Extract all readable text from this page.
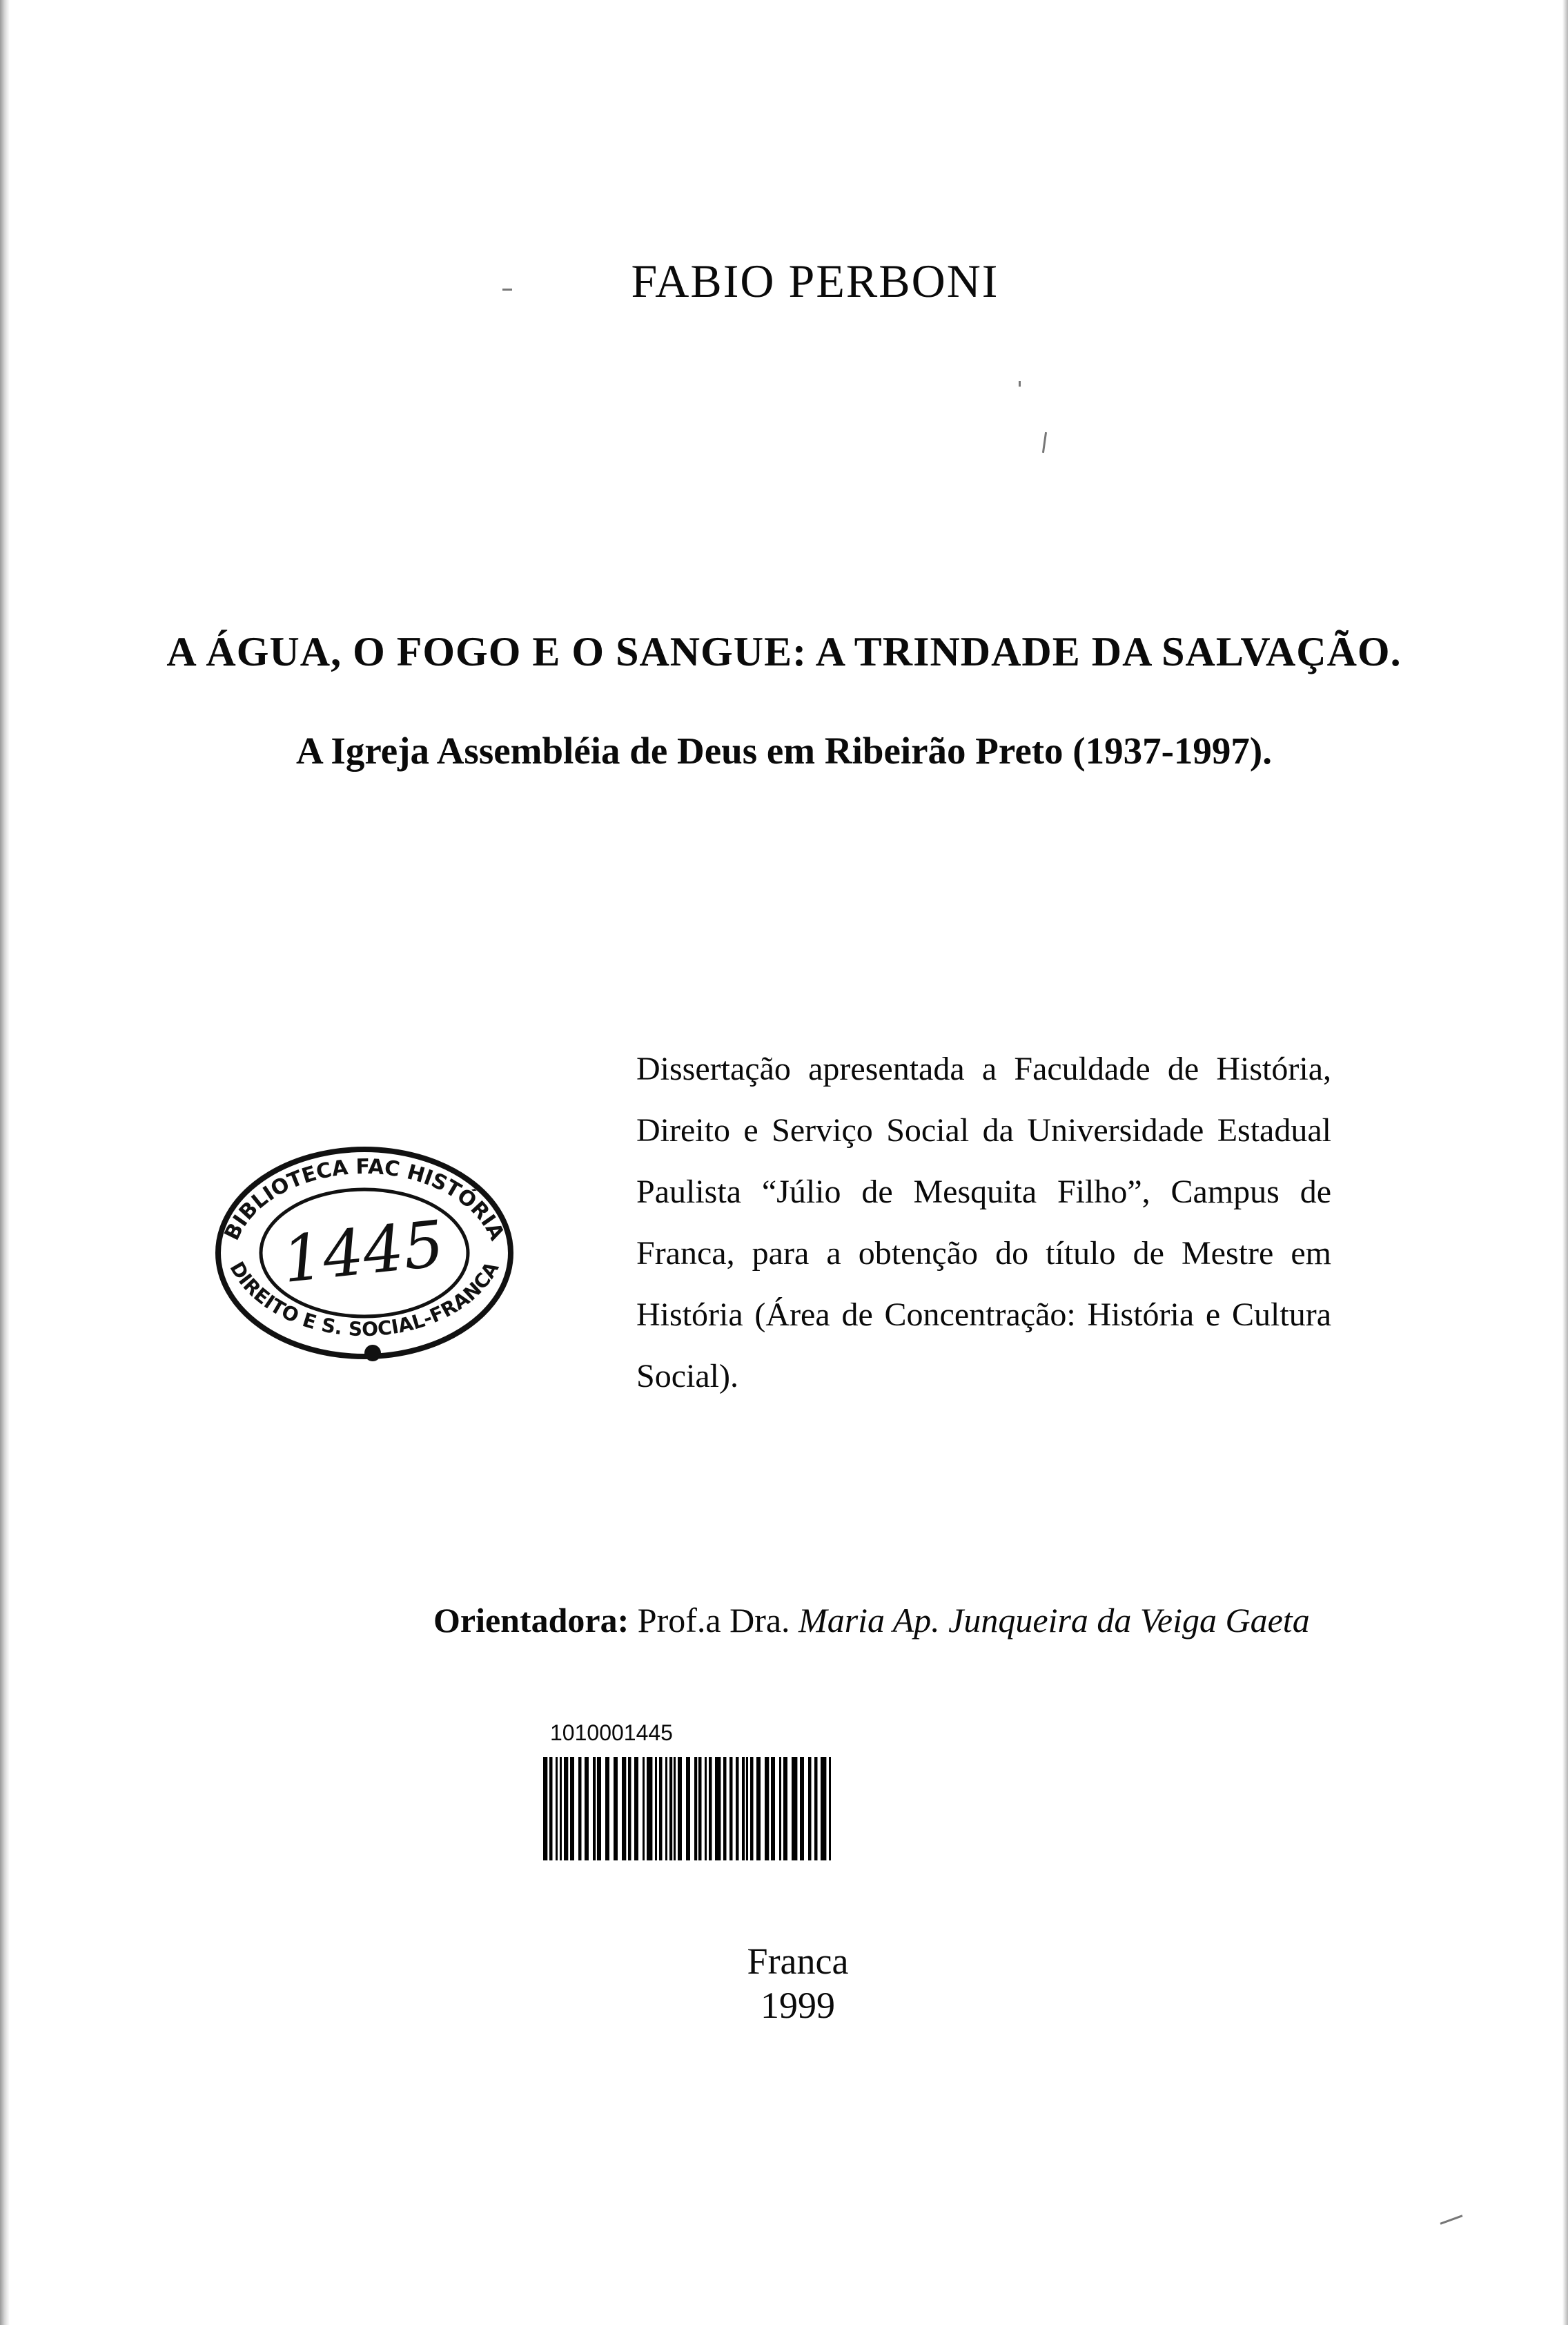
FABIO PERBONI
A ÁGUA, O FOGO E O SANGUE: A TRINDADE DA SALVAÇÃO.
A Igreja Assembléia de Deus em Ribeirão Preto (1937-1997).
BIBLIOTECA FAC HISTÓRIA
DIREITO E S. SOCIAL-FRANCA
1445
Dissertação apresentada a Faculdade de História, Direito e Serviço Social da Universidade Estadual Paulista “Júlio de Mesquita Filho”, Campus de Franca, para a obtenção do título de Mestre em História (Área de Concentração: História e Cultura Social).
Orientadora: Prof.a Dra. Maria Ap. Junqueira da Veiga Gaeta
1010001445
Franca
1999
